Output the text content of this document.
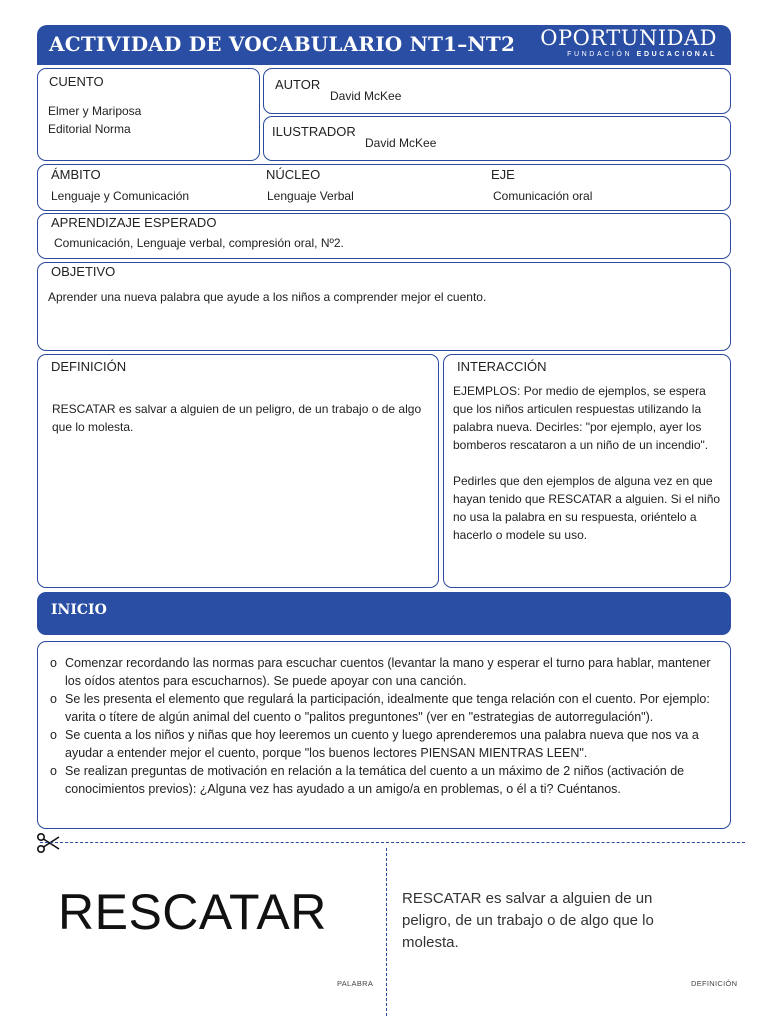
ACTIVIDAD DE VOCABULARIO NT1–NT2 OPORTUNIDAD
FUNDACIÓN EDUCACIONAL
CUENTO
Elmer y Mariposa
Editorial Norma
AUTOR
David McKee
ILUSTRADOR
David McKee
ÁMBITO
Lenguaje y Comunicación
NÚCLEO
Lenguaje Verbal
EJE
Comunicación oral
APRENDIZAJE ESPERADO
Comunicación, Lenguaje verbal, compresión oral, Nº2.
OBJETIVO
Aprender una nueva palabra que ayude a los niños a comprender mejor el cuento.
DEFINICIÓN
RESCATAR es salvar a alguien de un peligro, de un trabajo o de algo que lo molesta.
INTERACCIÓN
EJEMPLOS: Por medio de ejemplos, se espera que los niños articulen respuestas utilizando la palabra nueva. Decirles: "por ejemplo, ayer los bomberos rescataron a un niño de un incendio".
Pedirles que den ejemplos de alguna vez en que hayan tenido que RESCATAR a alguien. Si el niño no usa la palabra en su respuesta, oriéntelo a hacerlo o modele su uso.
INICIO
o Comenzar recordando las normas para escuchar cuentos (levantar la mano y esperar el turno para hablar, mantener los oídos atentos para escucharnos). Se puede apoyar con una canción.
o Se les presenta el elemento que regulará la participación, idealmente que tenga relación con el cuento. Por ejemplo: varita o títere de algún animal del cuento o "palitos preguntones" (ver en "estrategias de autorregulación").
o Se cuenta a los niños y niñas que hoy leeremos un cuento y luego aprenderemos una palabra nueva que nos va a ayudar a entender mejor el cuento, porque "los buenos lectores PIENSAN MIENTRAS LEEN".
o Se realizan preguntas de motivación en relación a la temática del cuento a un máximo de 2 niños (activación de conocimientos previos): ¿Alguna vez has ayudado a un amigo/a en problemas, o él a ti? Cuéntanos.
RESCATAR
PALABRA
RESCATAR es salvar a alguien de un peligro, de un trabajo o de algo que lo molesta.
DEFINICIÓN
